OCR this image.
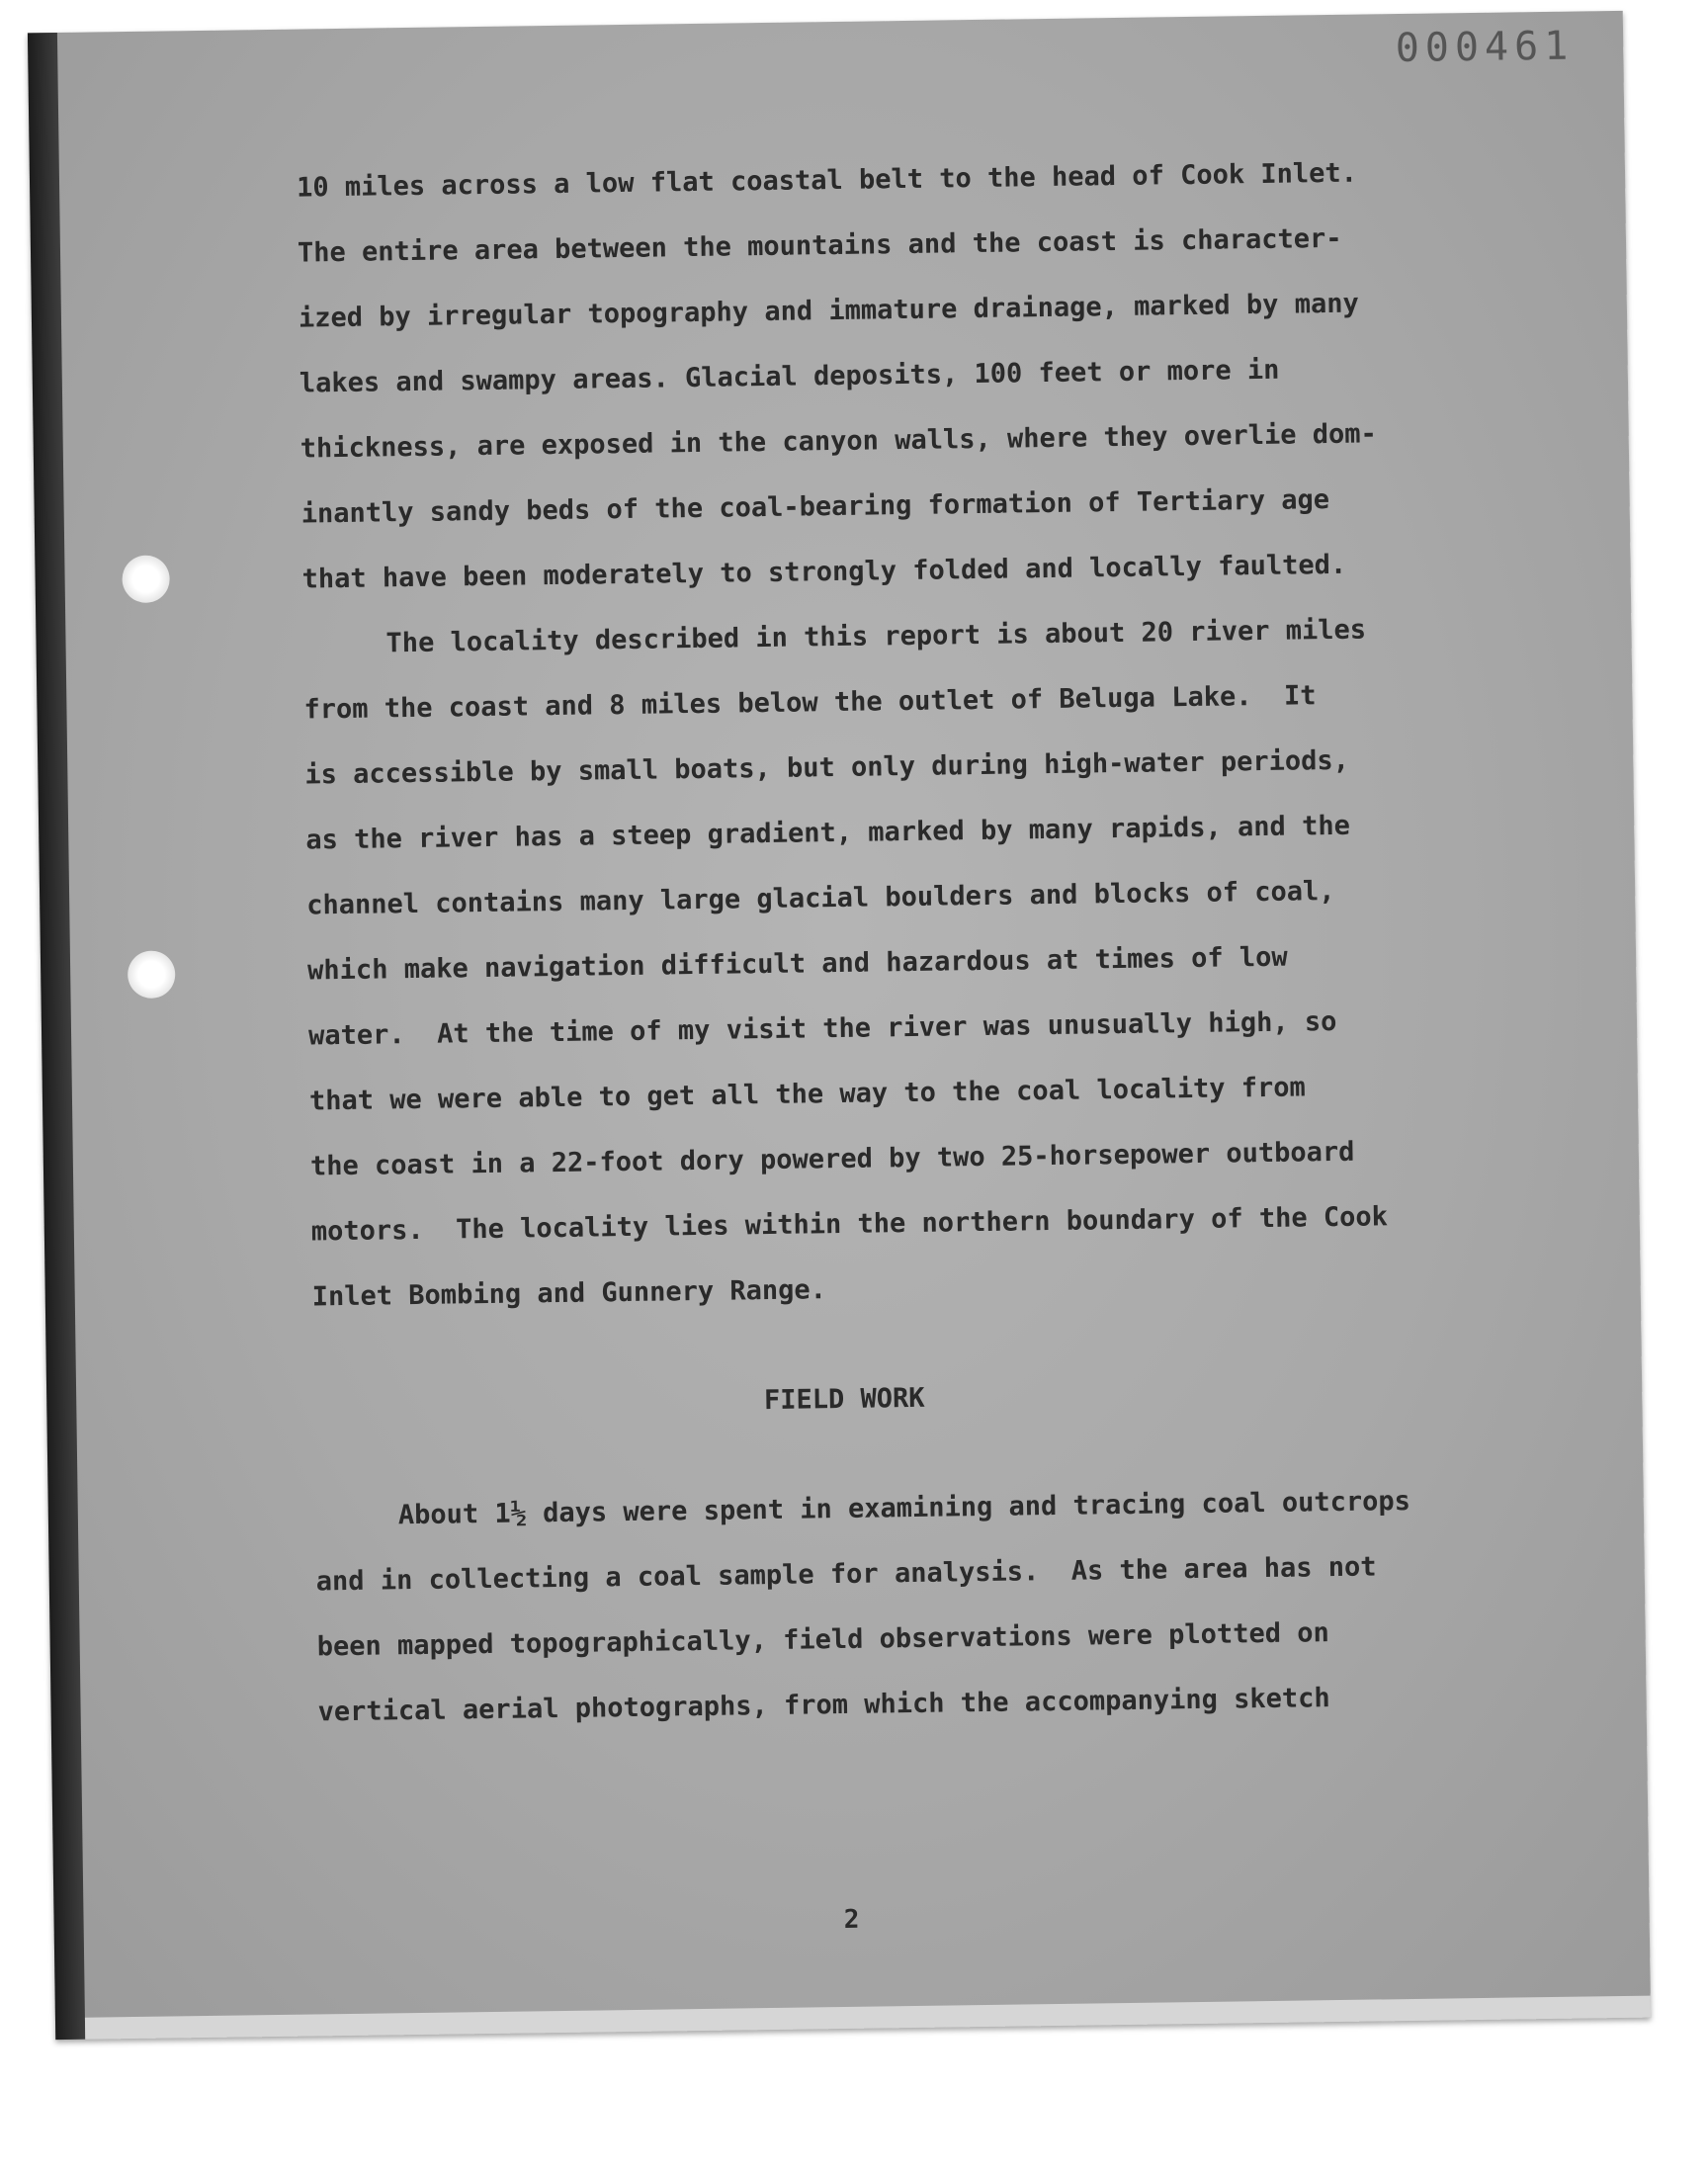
000461
10 miles across a low flat coastal belt to the head of Cook Inlet.
The entire area between the mountains and the coast is character-
ized by irregular topography and immature drainage, marked by many
lakes and swampy areas. Glacial deposits, 100 feet or more in
thickness, are exposed in the canyon walls, where they overlie dom-
inantly sandy beds of the coal-bearing formation of Tertiary age
that have been moderately to strongly folded and locally faulted.
The locality described in this report is about 20 river miles
from the coast and 8 miles below the outlet of Beluga Lake.  It
is accessible by small boats, but only during high-water periods,
as the river has a steep gradient, marked by many rapids, and the
channel contains many large glacial boulders and blocks of coal,
which make navigation difficult and hazardous at times of low
water.  At the time of my visit the river was unusually high, so
that we were able to get all the way to the coal locality from
the coast in a 22-foot dory powered by two 25-horsepower outboard
motors.  The locality lies within the northern boundary of the Cook
Inlet Bombing and Gunnery Range.
FIELD WORK
About 1½ days were spent in examining and tracing coal outcrops
and in collecting a coal sample for analysis.  As the area has not
been mapped topographically, field observations were plotted on
vertical aerial photographs, from which the accompanying sketch
2
